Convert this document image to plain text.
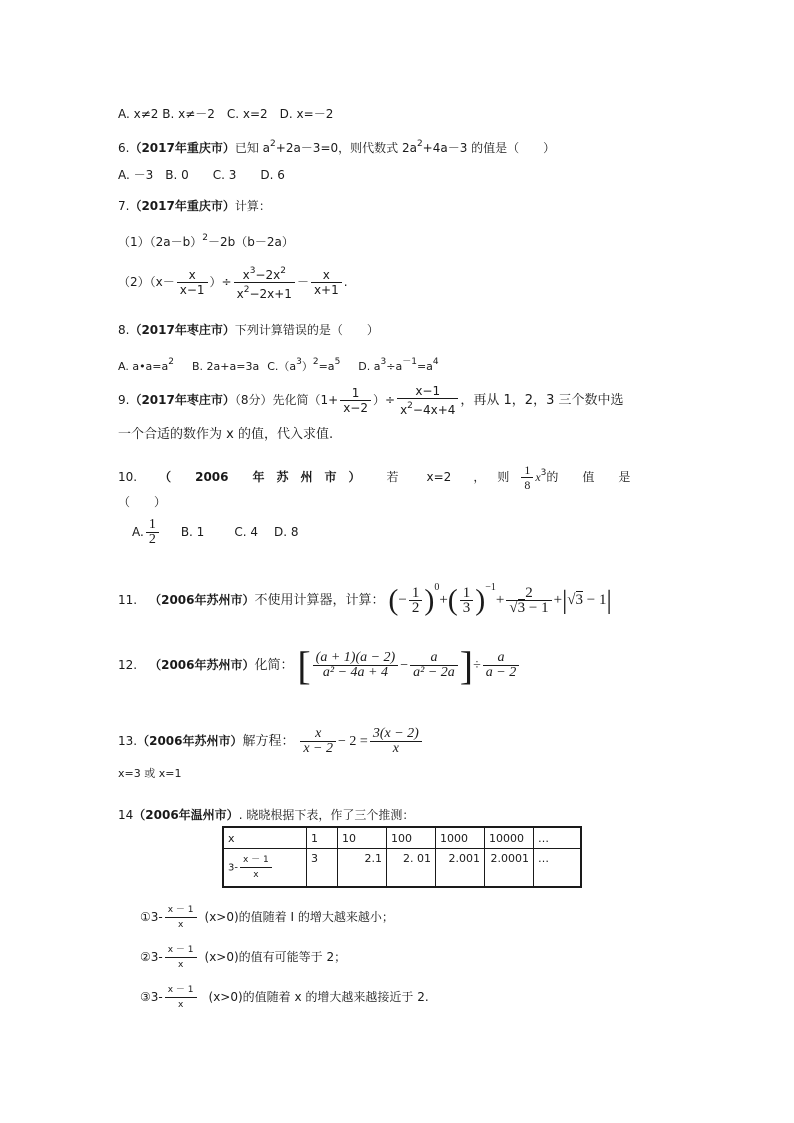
A. x≠2 B. x≠－2　C. x=2　D. x=－2
6.（2017年重庆市）已知 $a^2+2a-3=0$，则代数式 $2a^2+4a-3$ 的值是（　　）
A. －3　B. 0　　C. 3　　D. 6
7.（2017年重庆市）计算：
$(1)(2a-b)^2-2b(b-2a)$
$(2)(x- \frac{x}{x-1}$ ）÷ $\frac{x^3-2x^2}{x^2-2x+1} - \frac{x}{x+1}$ .
8.（2017年枣庄市）下列计算错误的是（　　）
A. $a•a=a^2$ B. 2a+a=3a $C.(a^3)^2=a^5$ D. $a^3\div a^{-1}=a^4$
9.（2017年枣庄市）（8分）先化简（$1+ \frac{1}{x-2}$ ）÷ $\frac{x-1}{x^2-4x+4}$ ，再从 1，2，3 三个数中选
一个合适的数作为 x 的值，代入求值.
10. （　　2006　　年　苏　州　市　） 若 x=2 ， 则 $\frac{1}{8} x^3$的　　值　　是
（　　）
A. $\frac{1}{2} B$. 1	C. 4 D. 8
11. （2006年苏州市）不使用计算器，计算： (− $\frac{1}{2} )^0+( \frac{1}{3} )^{-1}+ \frac{2}{√3 - 1} +|√3 - 1|$
12. （2006年苏州市）化简： [ $\frac{(a + 1)(a - 2)}{\text{a² − 4a + 4}} - \frac{a}{\text{a² − 2a}}$ ]÷ $\frac{a}{a - 2}$
13.（2006年苏州市）解方程： $\frac{x}{x - 2} - 2 = \frac{3(x - 2)}{x}$
x=3 或 x=1
14（2006年温州市）. 晓晓根据下表，作了三个推测：
x	1	10	100	1000	10000	…
$3- \frac{x - 1}{x}$	3	2.1	2. 01	2.001	2.0001	…
①3- $\frac{x - 1}{x} (x>0)$的值随着 I 的增大越来越小；
②3- $\frac{x - 1}{x} (x>0)$的值有可能等于 2；
③3- $\frac{x - 1}{x} (x>0)$的值随着 x 的增大越来越接近于 2.
